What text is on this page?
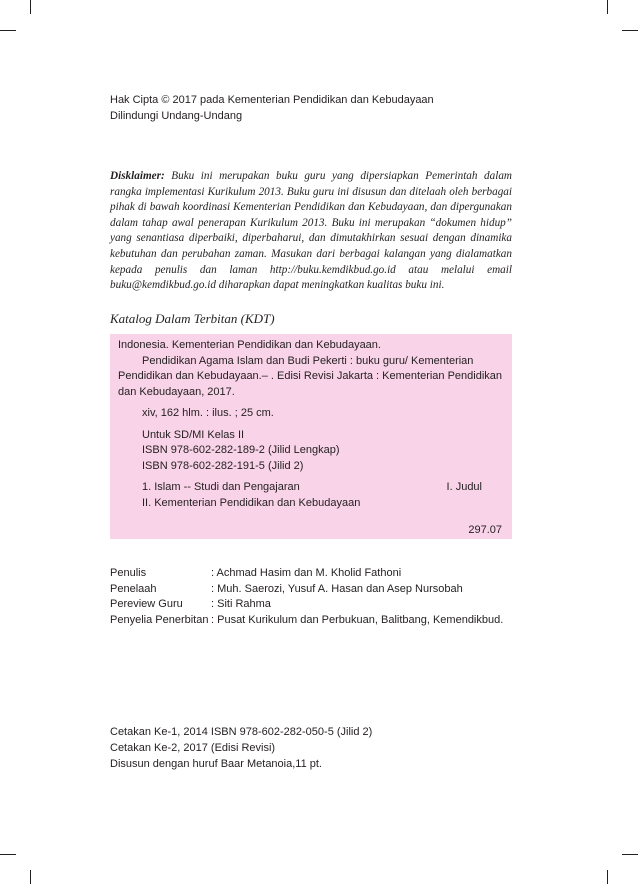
Hak Cipta © 2017 pada Kementerian Pendidikan dan Kebudayaan
Dilindungi Undang-Undang
Disklaimer: Buku ini merupakan buku guru yang dipersiapkan Pemerintah dalam rangka implementasi Kurikulum 2013. Buku guru ini disusun dan ditelaah oleh berbagai pihak di bawah koordinasi Kementerian Pendidikan dan Kebudayaan, dan dipergunakan dalam tahap awal penerapan Kurikulum 2013. Buku ini merupakan “dokumen hidup” yang senantiasa diperbaiki, diperbaharui, dan dimutakhirkan sesuai dengan dinamika kebutuhan dan perubahan zaman. Masukan dari berbagai kalangan yang dialamatkan kepada penulis dan laman http://buku.kemdikbud.go.id atau melalui email buku@kemdikbud.go.id diharapkan dapat meningkatkan kualitas buku ini.
Katalog Dalam Terbitan (KDT)

Indonesia. Kementerian Pendidikan dan Kebudayaan.

Pendidikan Agama Islam dan Budi Pekerti : buku guru/ Kementerian Pendidikan dan Kebudayaan.– . Edisi Revisi Jakarta : Kementerian Pendidikan dan Kebudayaan, 2017.

xiv, 162 hlm. : ilus. ; 25 cm.

Untuk SD/MI Kelas II

ISBN 978-602-282-189-2 (Jilid Lengkap)

ISBN 978-602-282-191-5 (Jilid 2)

1. Islam -- Studi dan Pengajaran	I. Judul

II. Kementerian Pendidikan dan Kebudayaan

297.07

Penulis	: Achmad Hasim dan M. Kholid Fathoni
Penelaah	: Muh. Saerozi, Yusuf A. Hasan dan Asep Nursobah
Pereview Guru	: Siti Rahma
Penyelia Penerbitan : Pusat Kurikulum dan Perbukuan, Balitbang, Kemendikbud.
Cetakan Ke-1, 2014 ISBN 978-602-282-050-5 (Jilid 2)
Cetakan Ke-2, 2017 (Edisi Revisi)
Disusun dengan huruf Baar Metanoia,11 pt.
